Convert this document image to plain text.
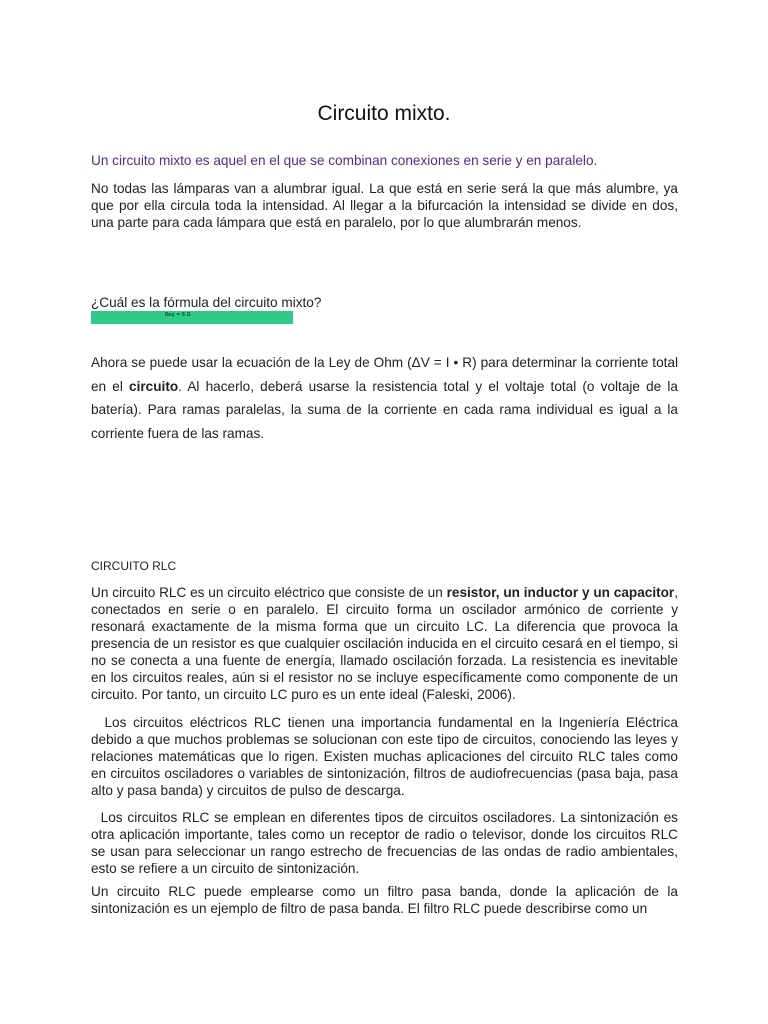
Circuito mixto.

Un circuito mixto es aquel en el que se combinan conexiones en serie y en paralelo.

No todas las lámparas van a alumbrar igual. La que está en serie será la que más alumbre, ya que por ella circula toda la intensidad. Al llegar a la bifurcación la intensidad se divide en dos, una parte para cada lámpara que está en paralelo, por lo que alumbrarán menos.

¿Cuál es la fórmula del circuito mixto?

Req = 6 Ω

Ahora se puede usar la ecuación de la Ley de Ohm (ΔV = I • R) para determinar la corriente total en el circuito. Al hacerlo, deberá usarse la resistencia total y el voltaje total (o voltaje de la batería). Para ramas paralelas, la suma de la corriente en cada rama individual es igual a la corriente fuera de las ramas.

CIRCUITO RLC

Un circuito RLC es un circuito eléctrico que consiste de un resistor, un inductor y un capacitor, conectados en serie o en paralelo. El circuito forma un oscilador armónico de corriente y resonará exactamente de la misma forma que un circuito LC. La diferencia que provoca la presencia de un resistor es que cualquier oscilación inducida en el circuito cesará en el tiempo, si no se conecta a una fuente de energía, llamado oscilación forzada. La resistencia es inevitable en los circuitos reales, aún si el resistor no se incluye específicamente como componente de un circuito. Por tanto, un circuito LC puro es un ente ideal (Faleski, 2006).

Los circuitos eléctricos RLC tienen una importancia fundamental en la Ingeniería Eléctrica debido a que muchos problemas se solucionan con este tipo de circuitos, conociendo las leyes y relaciones matemáticas que lo rigen. Existen muchas aplicaciones del circuito RLC tales como en circuitos osciladores o variables de sintonización, filtros de audiofrecuencias (pasa baja, pasa alto y pasa banda) y circuitos de pulso de descarga.

Los circuitos RLC se emplean en diferentes tipos de circuitos osciladores. La sintonización es otra aplicación importante, tales como un receptor de radio o televisor, donde los circuitos RLC se usan para seleccionar un rango estrecho de frecuencias de las ondas de radio ambientales, esto se refiere a un circuito de sintonización.

Un circuito RLC puede emplearse como un filtro pasa banda, donde la aplicación de la sintonización es un ejemplo de filtro de pasa banda. El filtro RLC puede describirse como un
